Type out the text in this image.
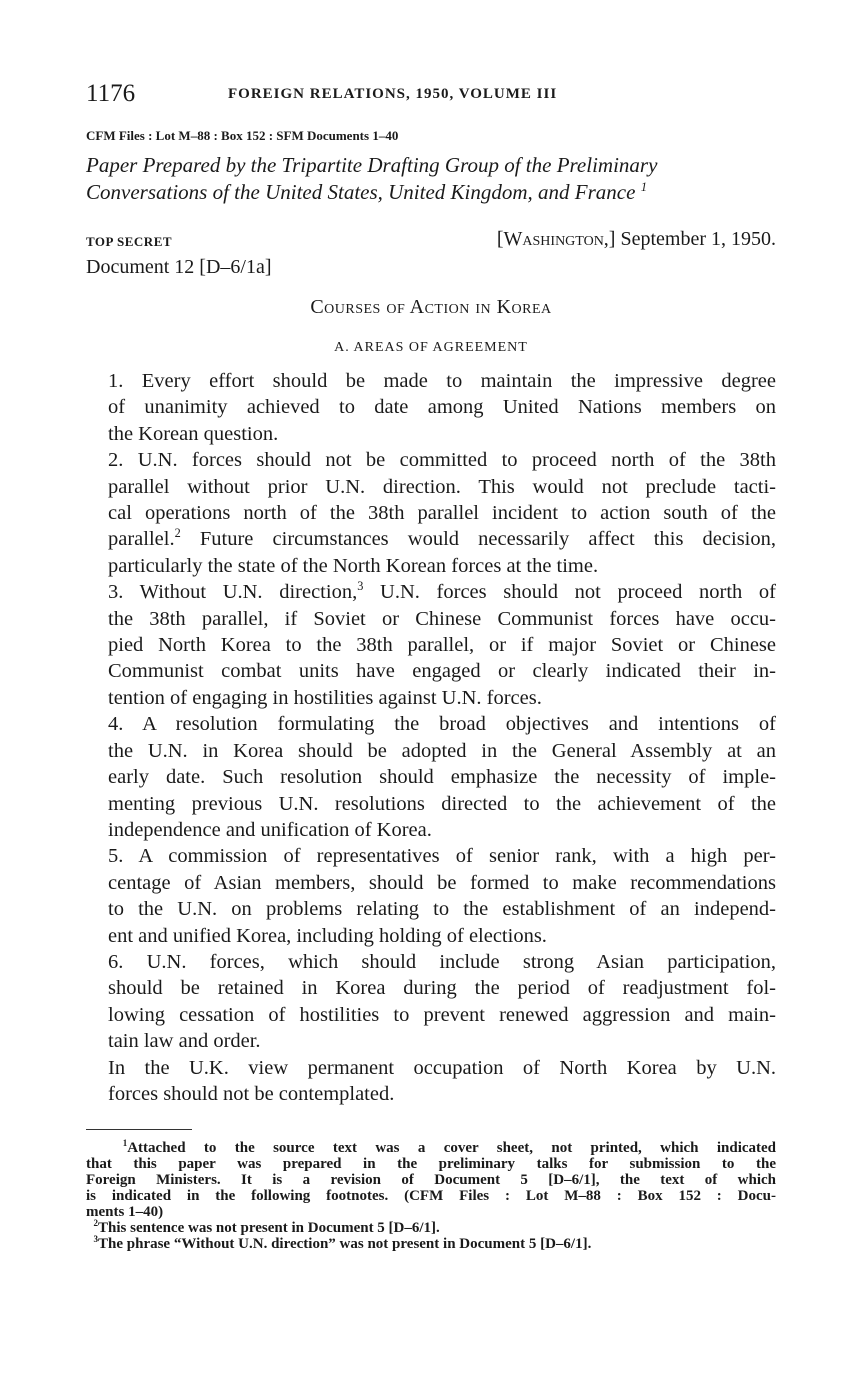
1176	FOREIGN RELATIONS, 1950, VOLUME III
CFM Files : Lot M–88 : Box 152 : SFM Documents 1–40
Paper Prepared by the Tripartite Drafting Group of the Preliminary
Conversations of the United States, United Kingdom, and France $^1$
TOP SECRET	[Washington,] September 1, 1950.
Document 12 [D–6/1a]
Courses of Action in Korea
A. AREAS OF AGREEMENT

1. Every effort should be made to maintain the impressive degree
of unanimity achieved to date among United Nations members on
the Korean question.

2. U.N. forces should not be committed to proceed north of the 38th
parallel without prior U.N. direction. This would not preclude tacti-
cal operations north of the 38th parallel incident to action south of the
parallel.$^2$ Future circumstances would necessarily affect this decision,
particularly the state of the North Korean forces at the time.

3. Without U.N. direction,$^3$ U.N. forces should not proceed north of
the 38th parallel, if Soviet or Chinese Communist forces have occu-
pied North Korea to the 38th parallel, or if major Soviet or Chinese
Communist combat units have engaged or clearly indicated their in-
tention of engaging in hostilities against U.N. forces.

4. A resolution formulating the broad objectives and intentions of
the U.N. in Korea should be adopted in the General Assembly at an
early date. Such resolution should emphasize the necessity of imple-
menting previous U.N. resolutions directed to the achievement of the
independence and unification of Korea.

5. A commission of representatives of senior rank, with a high per-
centage of Asian members, should be formed to make recommendations
to the U.N. on problems relating to the establishment of an independ-
ent and unified Korea, including holding of elections.

6. U.N. forces, which should include strong Asian participation,
should be retained in Korea during the period of readjustment fol-
lowing cessation of hostilities to prevent renewed aggression and main-
tain law and order.

In the U.K. view permanent occupation of North Korea by U.N.
forces should not be contemplated.

$^1$Attached to the source text was a cover sheet, not printed, which indicated
that this paper was prepared in the preliminary talks for submission to the
Foreign Ministers. It is a revision of Document 5 [D–6/1], the text of which
is indicated in the following footnotes. (CFM Files : Lot M–88 : Box 152 : Docu-
ments 1–40)
$^2$This sentence was not present in Document 5 [D–6/1].
$^3$The phrase “Without U.N. direction” was not present in Document 5 [D–6/1].
